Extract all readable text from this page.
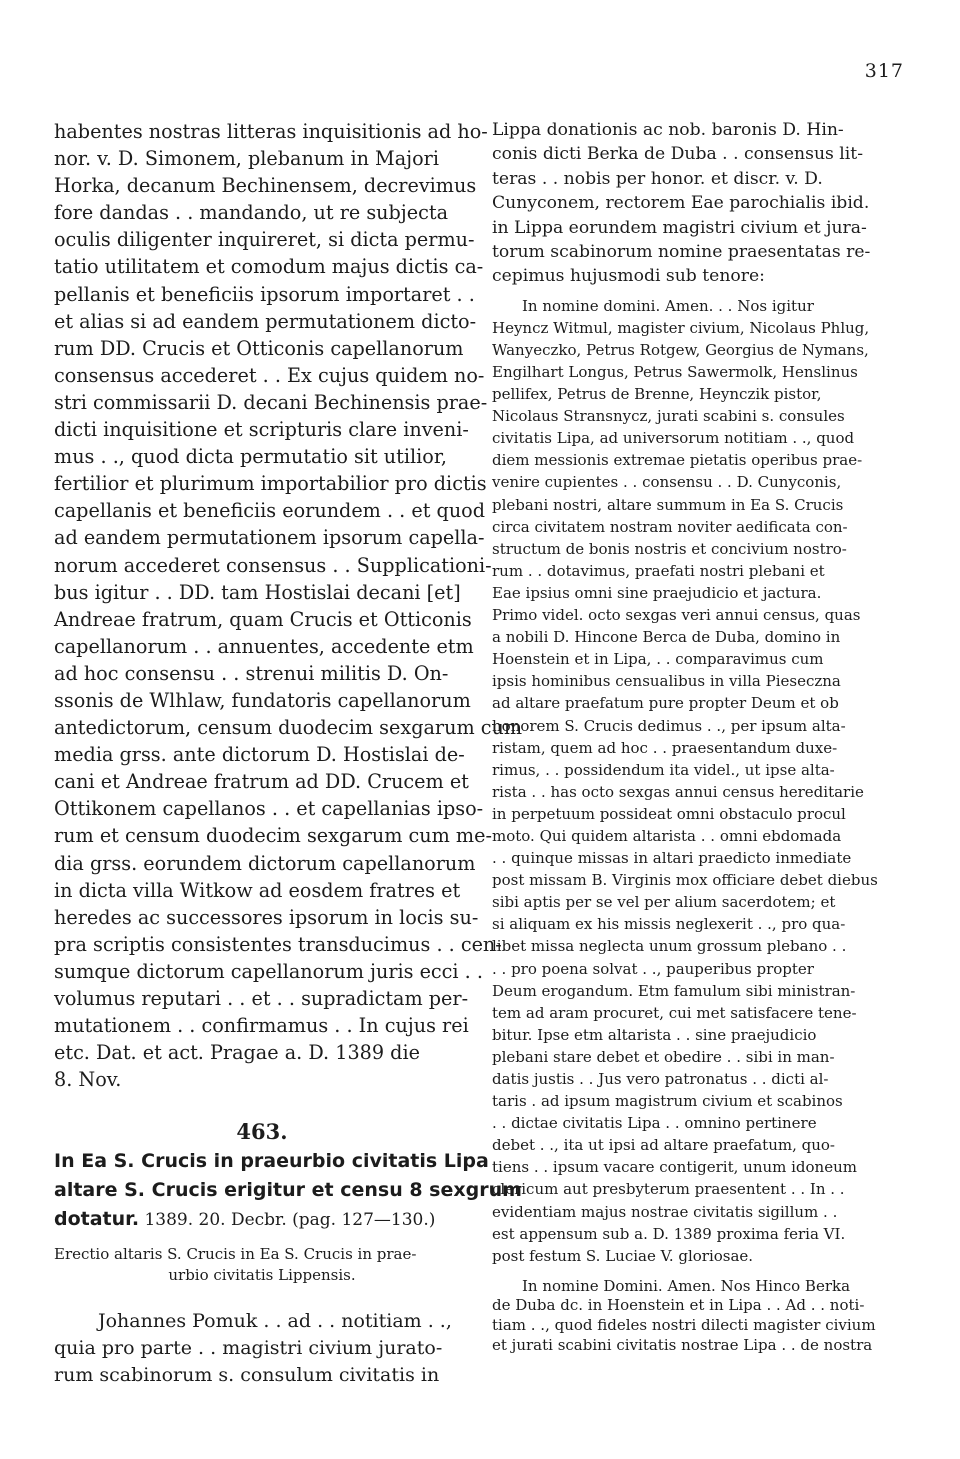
317
habentes nostras litteras inquisitionis ad ho-
nor. v. D. Simonem, plebanum in Majori
Horka, decanum Bechinensem, decrevimus
fore dandas . . mandando, ut re subjecta
oculis diligenter inquireret, si dicta permu-
tatio utilitatem et comodum majus dictis ca-
pellanis et beneficiis ipsorum importaret . .
et alias si ad eandem permutationem dicto-
rum DD. Crucis et Otticonis capellanorum
consensus accederet . . Ex cujus quidem no-
stri commissarii D. decani Bechinensis prae-
dicti inquisitione et scripturis clare inveni-
mus . ., quod dicta permutatio sit utilior,
fertilior et plurimum importabilior pro dictis
capellanis et beneficiis eorundem . . et quod
ad eandem permutationem ipsorum capella-
norum accederet consensus . . Supplicationi-
bus igitur . . DD. tam Hostislai decani [et]
Andreae fratrum, quam Crucis et Otticonis
capellanorum . . annuentes, accedente etm
ad hoc consensu . . strenui militis D. On-
ssonis de Wlhlaw, fundatoris capellanorum
antedictorum, censum duodecim sexgarum cum
media grss. ante dictorum D. Hostislai de-
cani et Andreae fratrum ad DD. Crucem et
Ottikonem capellanos . . et capellanias ipso-
rum et censum duodecim sexgarum cum me-
dia grss. eorundem dictorum capellanorum
in dicta villa Witkow ad eosdem fratres et
heredes ac successores ipsorum in locis su-
pra scriptis consistentes transducimus . . cen-
sumque dictorum capellanorum juris ecci . .
volumus reputari . . et . . supradictam per-
mutationem . . confirmamus . . In cujus rei
etc. Dat. et act. Pragae a. D. 1389 die
8. Nov.
463.
In Ea S. Crucis in praeurbio civitatis Lipa
altare S. Crucis erigitur et censu 8 sexgrum
dotatur. 1389. 20. Decbr. (pag. 127—130.)
Erectio altaris S. Crucis in Ea S. Crucis in prae-
urbio civitatis Lippensis.
Johannes Pomuk . . ad . . notitiam . .,
quia pro parte . . magistri civium jurato-
rum scabinorum s. consulum civitatis in
Lippa donationis ac nob. baronis D. Hin-
conis dicti Berka de Duba . . consensus lit-
teras . . nobis per honor. et discr. v. D.
Cunyconem, rectorem Eae parochialis ibid.
in Lippa eorundem magistri civium et jura-
torum scabinorum nomine praesentatas re-
cepimus hujusmodi sub tenore:
In nomine domini. Amen. . . Nos igitur
Heyncz Witmul, magister civium, Nicolaus Phlug,
Wanyeczko, Petrus Rotgew, Georgius de Nymans,
Engilhart Longus, Petrus Sawermolk, Henslinus
pellifex, Petrus de Brenne, Heynczik pistor,
Nicolaus Stransnycz, jurati scabini s. consules
civitatis Lipa, ad universorum notitiam . ., quod
diem messionis extremae pietatis operibus prae-
venire cupientes . . consensu . . D. Cunyconis,
plebani nostri, altare summum in Ea S. Crucis
circa civitatem nostram noviter aedificata con-
structum de bonis nostris et concivium nostro-
rum . . dotavimus, praefati nostri plebani et
Eae ipsius omni sine praejudicio et jactura.
Primo videl. octo sexgas veri annui census, quas
a nobili D. Hincone Berca de Duba, domino in
Hoenstein et in Lipa, . . comparavimus cum
ipsis hominibus censualibus in villa Pieseczna
ad altare praefatum pure propter Deum et ob
honorem S. Crucis dedimus . ., per ipsum alta-
ristam, quem ad hoc . . praesentandum duxe-
rimus, . . possidendum ita videl., ut ipse alta-
rista . . has octo sexgas annui census hereditarie
in perpetuum possideat omni obstaculo procul
moto. Qui quidem altarista . . omni ebdomada
. . quinque missas in altari praedicto inmediate
post missam B. Virginis mox officiare debet diebus
sibi aptis per se vel per alium sacerdotem; et
si aliquam ex his missis neglexerit . ., pro qua-
libet missa neglecta unum grossum plebano . .
. . pro poena solvat . ., pauperibus propter
Deum erogandum. Etm famulum sibi ministran-
tem ad aram procuret, cui met satisfacere tene-
bitur. Ipse etm altarista . . sine praejudicio
plebani stare debet et obedire . . sibi in man-
datis justis . . Jus vero patronatus . . dicti al-
taris . ad ipsum magistrum civium et scabinos
. . dictae civitatis Lipa . . omnino pertinere
debet . ., ita ut ipsi ad altare praefatum, quo-
tiens . . ipsum vacare contigerit, unum idoneum
clericum aut presbyterum praesentent . . In . .
evidentiam majus nostrae civitatis sigillum . .
est appensum sub a. D. 1389 proxima feria VI.
post festum S. Luciae V. gloriosae.
In nomine Domini. Amen. Nos Hinco Berka
de Duba dc. in Hoenstein et in Lipa . . Ad . . noti-
tiam . ., quod fideles nostri dilecti magister civium
et jurati scabini civitatis nostrae Lipa . . de nostra
